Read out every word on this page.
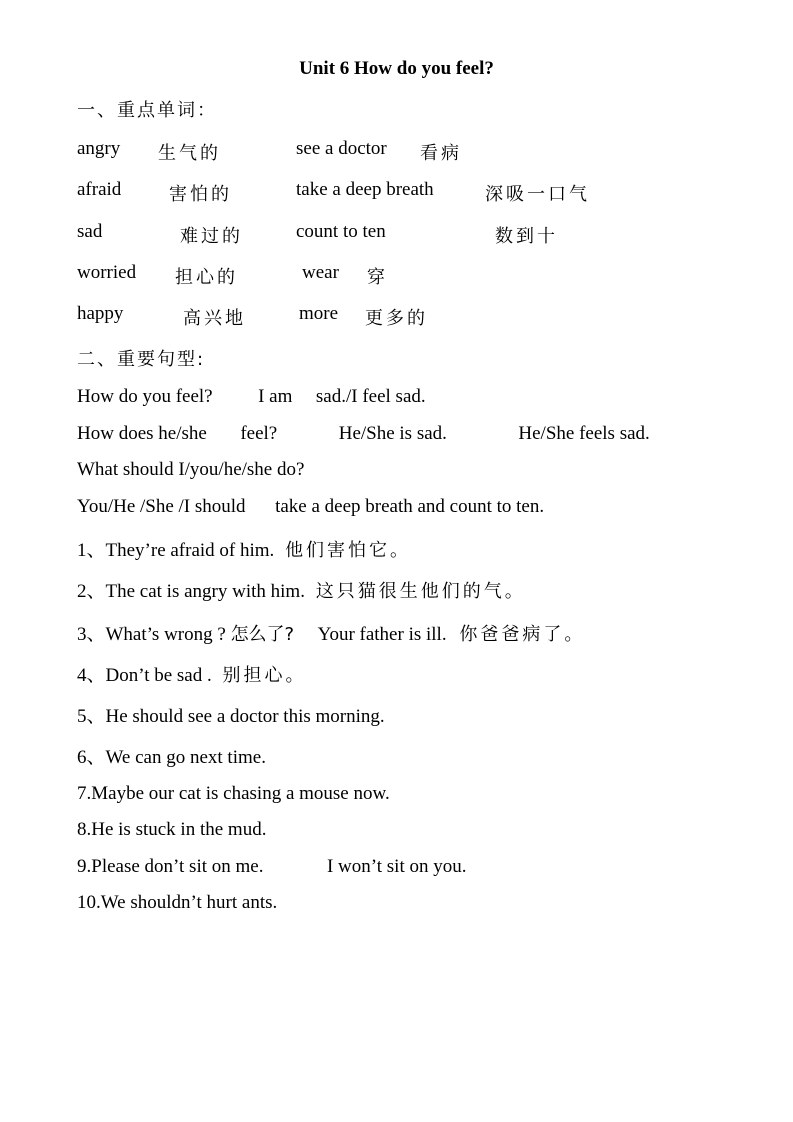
Unit 6 How do you feel?
一、重点单词：
angry 生气的	see a doctor 看病
afraid	害怕的	take a deep breath	深吸一口气
sad	难过的	count to ten	数到十
worried 担心的	wear 穿
happy	高兴地	more 更多的
二、重要句型:
How do you feel? I am sad./I feel sad.
How does he/she feel?	He/She is sad.	He/She feels sad.
What should I/you/he/she do?
You/He /She /I should take a deep breath and count to ten.
1、They’re afraid of him. 他们害怕它。
2、The cat is angry with him. 这只猫很生他们的气。
3、What’s wrong ? 怎么了? Your father is ill. 你爸爸病了。
4、Don’t be sad . 别担心。
5、He should see a doctor this morning.
6、We can go next time.
7.Maybe our cat is chasing a mouse now.
8.He is stuck in the mud.
9.Please don’t sit on me.	I won’t sit on you.
10.We shouldn’t hurt ants.
